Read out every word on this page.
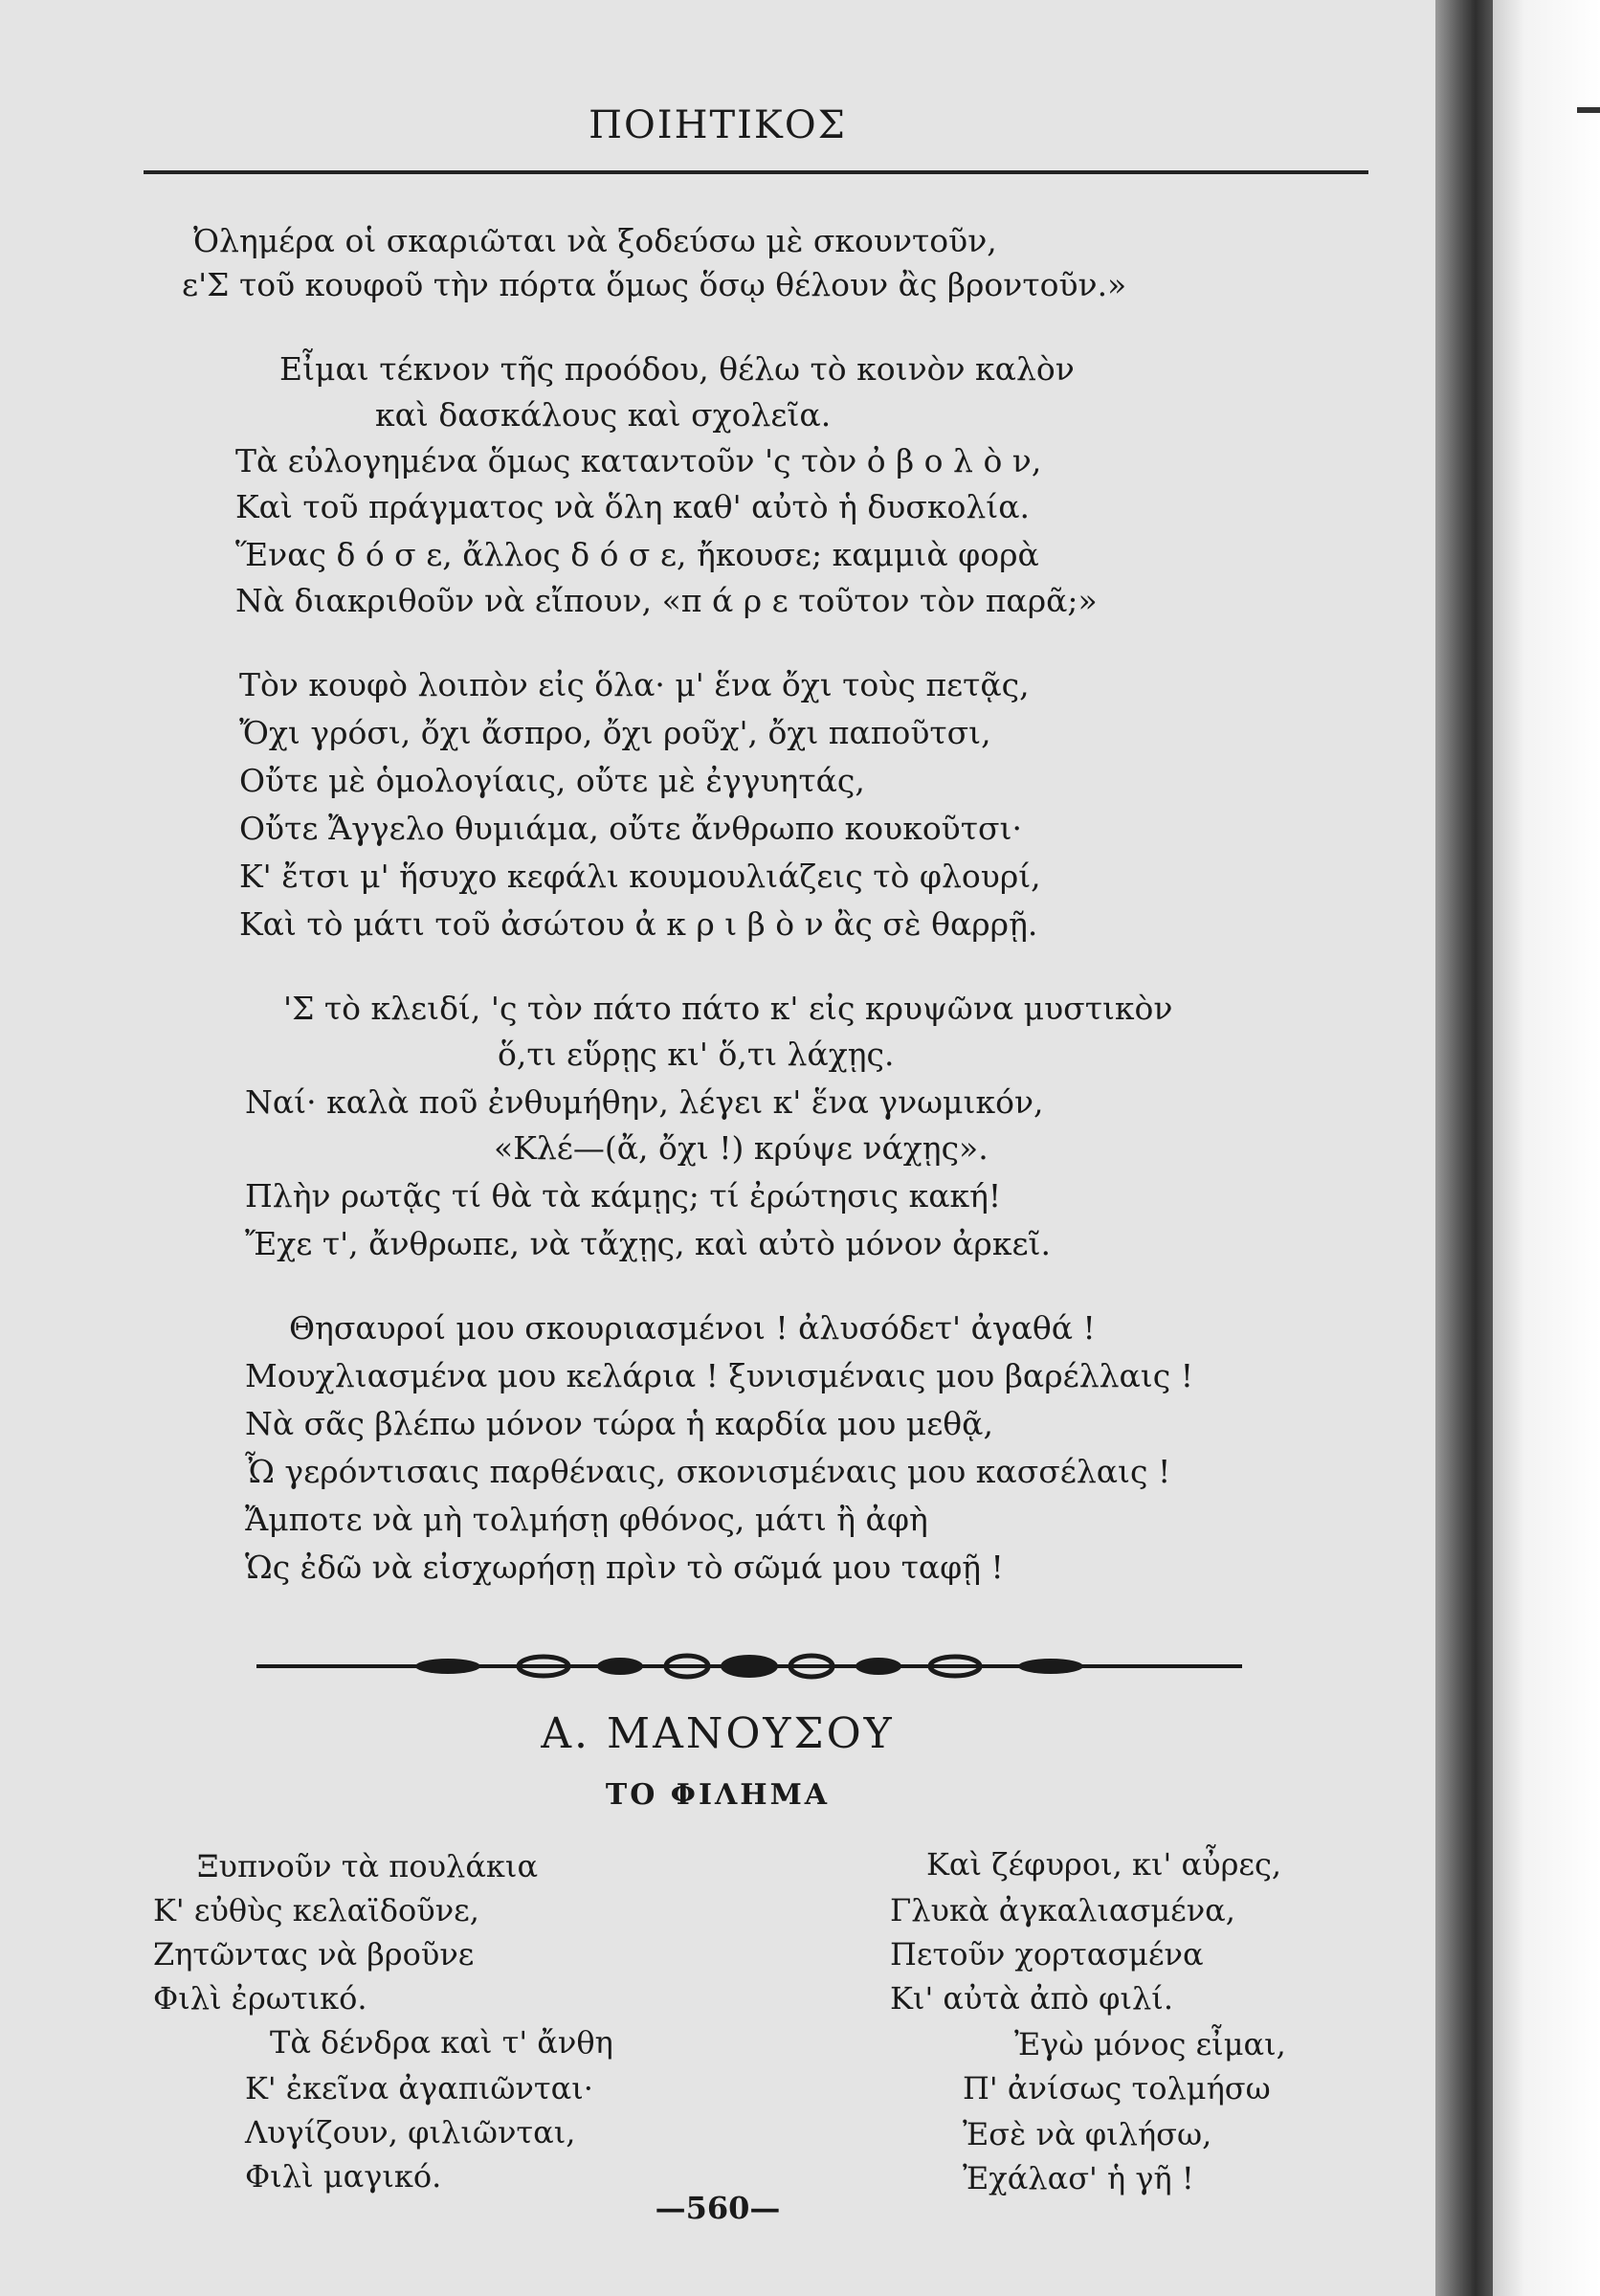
ΠΟΙΗΤΙΚΟΣ
Ὀλημέρα οἱ σκαριῶται νὰ ξοδεύσω μὲ σκουντοῦν,
ε'Σ τοῦ κουφοῦ τὴν πόρτα ὅμως ὅσῳ θέλουν ἂς βροντοῦν.»
Εἶμαι τέκνον τῆς προόδου, θέλω τὸ κοινὸν καλὸν
καὶ δασκάλους καὶ σχολεῖα.
Τὰ εὐλογημένα ὅμως καταντοῦν 'ς τὸν ὀ β ο λ ὸ ν,
Καὶ τοῦ πράγματος νὰ ὅλη καθ' αὐτὸ ἡ δυσκολία.
Ἕνας δ ό σ ε, ἄλλος δ ό σ ε, ἤκουσε; καμμιὰ φορὰ
Νὰ διακριθοῦν νὰ εἴπουν, «π ά ρ ε τοῦτον τὸν παρᾶ;»
Τὸν κουφὸ λοιπὸν εἰς ὅλα· μ' ἕνα ὄχι τοὺς πετᾷς,
Ὄχι γρόσι, ὄχι ἄσπρο, ὄχι ροῦχ', ὄχι παποῦτσι,
Οὔτε μὲ ὁμολογίαις, οὔτε μὲ ἐγγυητάς,
Οὔτε Ἄγγελο θυμιάμα, οὔτε ἄνθρωπο κουκοῦτσι·
Κ' ἔτσι μ' ἥσυχο κεφάλι κουμουλιάζεις τὸ φλουρί,
Καὶ τὸ μάτι τοῦ ἀσώτου ἀ κ ρ ι β ὸ ν ἂς σὲ θαρρῇ.
'Σ τὸ κλειδί, 'ς τὸν πάτο πάτο κ' εἰς κρυψῶνα μυστικὸν
ὅ,τι εὕρῃς κι' ὅ,τι λάχῃς.
Ναί· καλὰ ποῦ ἐνθυμήθην, λέγει κ' ἕνα γνωμικόν,
«Κλέ—(ἄ, ὄχι !) κρύψε νάχῃς».
Πλὴν ρωτᾷς τί θὰ τὰ κάμῃς; τί ἐρώτησις κακή!
Ἔχε τ', ἄνθρωπε, νὰ τἄχῃς, καὶ αὐτὸ μόνον ἀρκεῖ.
Θησαυροί μου σκουριασμένοι ! ἀλυσόδετ' ἀγαθά !
Μουχλιασμένα μου κελάρια ! ξυνισμέναις μου βαρέλλαις !
Νὰ σᾶς βλέπω μόνον τώρα ἡ καρδία μου μεθᾷ,
Ὦ γερόντισαις παρθέναις, σκονισμέναις μου κασσέλαις !
Ἄμποτε νὰ μὴ τολμήσῃ φθόνος, μάτι ἢ ἀφὴ
Ὡς ἐδῶ νὰ εἰσχωρήσῃ πρὶν τὸ σῶμά μου ταφῇ !
Α. ΜΑΝΟΥΣΟΥ
ΤΟ ΦΙΛΗΜΑ
Ξυπνοῦν τὰ πουλάκια
Κ' εὐθὺς κελαϊδοῦνε,
Ζητῶντας νὰ βροῦνε
Φιλὶ ἐρωτικό.
Τὰ δένδρα καὶ τ' ἄνθη
Κ' ἐκεῖνα ἀγαπιῶνται·
Λυγίζουν, φιλιῶνται,
Φιλὶ μαγικό.
Καὶ ζέφυροι, κι' αὖρες,
Γλυκὰ ἀγκαλιασμένα,
Πετοῦν χορτασμένα
Κι' αὐτὰ ἀπὸ φιλί.
Ἐγὼ μόνος εἶμαι,
Π' ἀνίσως τολμήσω
Ἐσὲ νὰ φιλήσω,
Ἐχάλασ' ἡ γῆ !
—560—
